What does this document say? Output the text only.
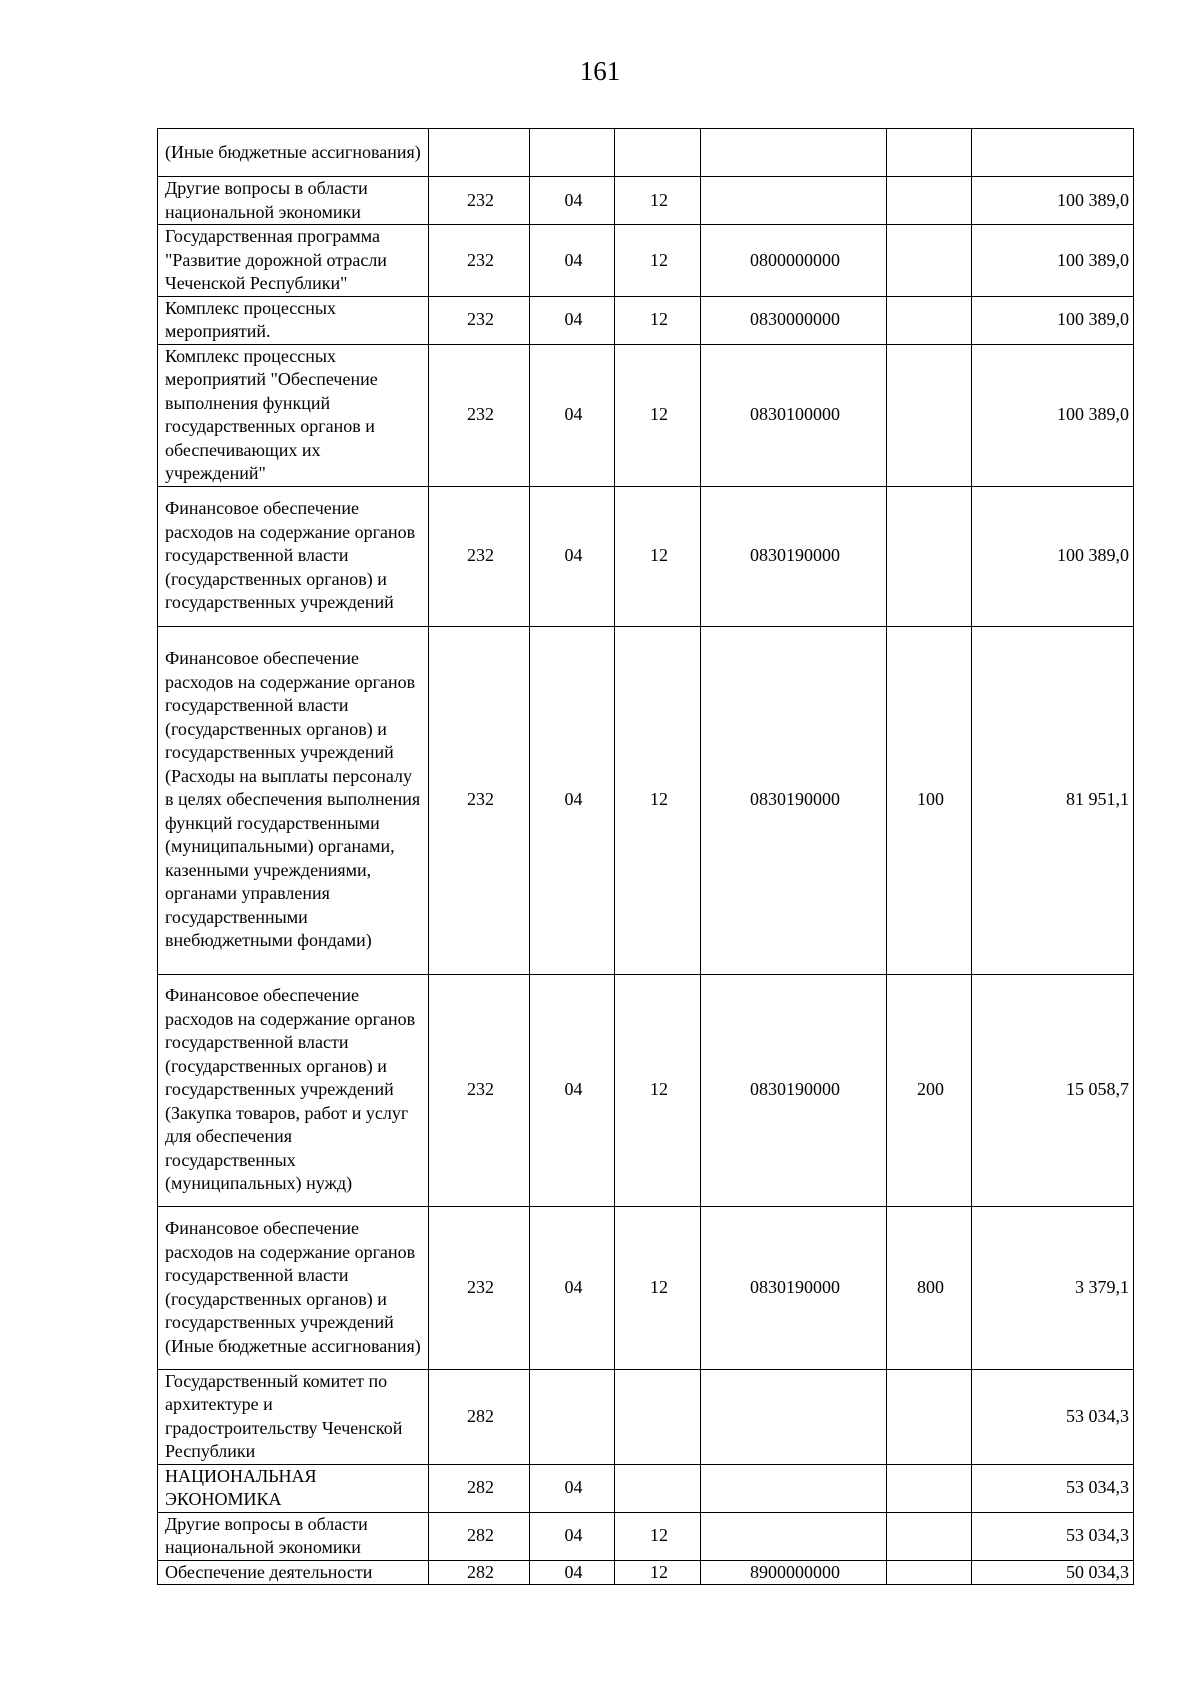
161
(Иные бюджетные ассигнования)						
Другие вопросы в области национальной экономики	232	04	12			100 389,0
Государственная программа "Развитие дорожной отрасли Чеченской Республики"	232	04	12	0800000000		100 389,0
Комплекс процессных мероприятий.	232	04	12	0830000000		100 389,0
Комплекс процессных мероприятий "Обеспечение выполнения функций государственных органов и обеспечивающих их учреждений"	232	04	12	0830100000		100 389,0
Финансовое обеспечение расходов на содержание органов государственной власти (государственных органов) и государственных учреждений	232	04	12	0830190000		100 389,0
Финансовое обеспечение расходов на содержание органов государственной власти (государственных органов) и государственных учреждений (Расходы на выплаты персоналу в целях обеспечения выполнения функций государственными (муниципальными) органами, казенными учреждениями, органами управления государственными внебюджетными фондами)	232	04	12	0830190000	100	81 951,1
Финансовое обеспечение расходов на содержание органов государственной власти (государственных органов) и государственных учреждений (Закупка товаров, работ и услуг для обеспечения государственных (муниципальных) нужд)	232	04	12	0830190000	200	15 058,7
Финансовое обеспечение расходов на содержание органов государственной власти (государственных органов) и государственных учреждений (Иные бюджетные ассигнования)	232	04	12	0830190000	800	3 379,1
Государственный комитет по архитектуре и градостроительству Чеченской Республики	282					53 034,3
НАЦИОНАЛЬНАЯ ЭКОНОМИКА	282	04				53 034,3
Другие вопросы в области национальной экономики	282	04	12			53 034,3
Обеспечение деятельности	282	04	12	8900000000		50 034,3
